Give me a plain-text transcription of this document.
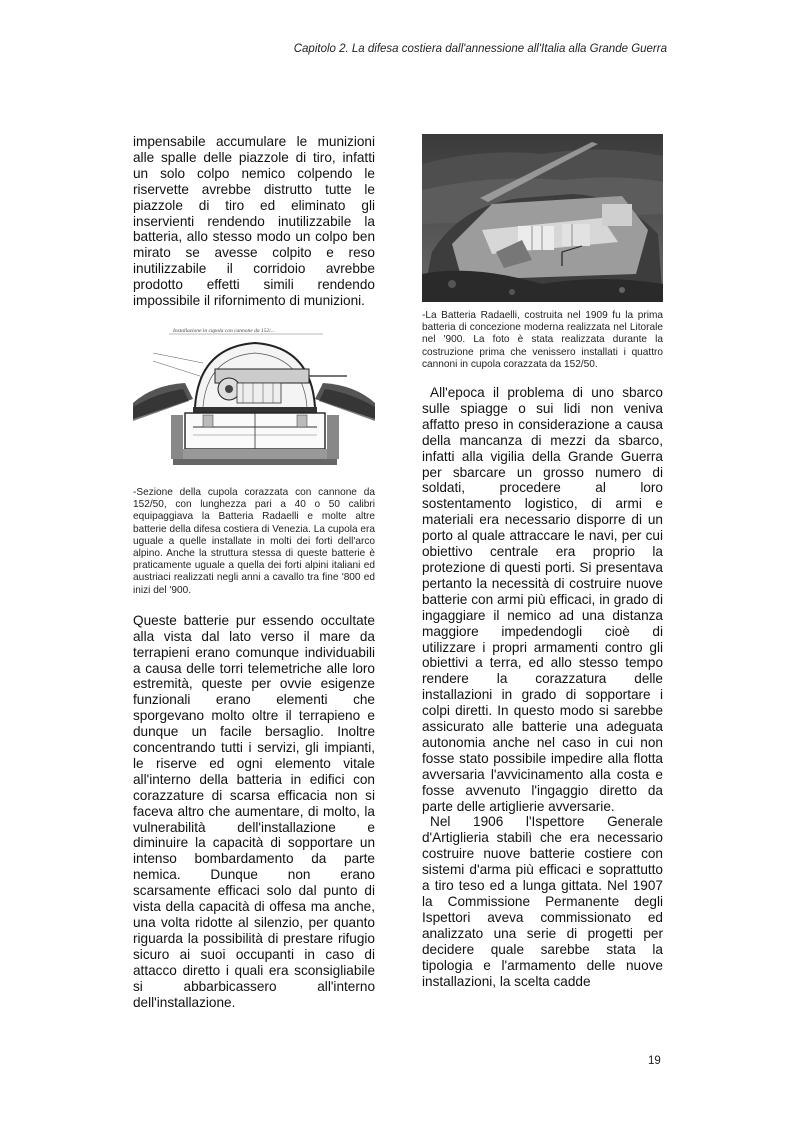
Capitolo 2. La difesa costiera dall'annessione all'Italia alla Grande Guerra

impensabile accumulare le munizioni alle spalle delle piazzole di tiro, infatti un solo colpo nemico colpendo le riservette avrebbe distrutto tutte le piazzole di tiro ed eliminato gli inservienti rendendo inutilizzabile la batteria, allo stesso modo un colpo ben mirato se avesse colpito e reso inutilizzabile il corridoio avrebbe prodotto effetti simili rendendo impossibile il rifornimento di munizioni.

Installazione in cupola con cannone da 152/...

-Sezione della cupola corazzata con cannone da 152/50, con lunghezza pari a 40 o 50 calibri equipaggiava la Batteria Radaelli e molte altre batterie della difesa costiera di Venezia. La cupola era uguale a quelle installate in molti dei forti dell'arco alpino. Anche la struttura stessa di queste batterie è praticamente uguale a quella dei forti alpini italiani ed austriaci realizzati negli anni a cavallo tra fine '800 ed inizi del '900.

Queste batterie pur essendo occultate alla vista dal lato verso il mare da terrapieni erano comunque individuabili a causa delle torri telemetriche alle loro estremità, queste per ovvie esigenze funzionali erano elementi che sporgevano molto oltre il terrapieno e dunque un facile bersaglio. Inoltre concentrando tutti i servizi, gli impianti, le riserve ed ogni elemento vitale all'interno della batteria in edifici con corazzature di scarsa efficacia non si faceva altro che aumentare, di molto, la vulnerabilità dell'installazione e diminuire la capacità di sopportare un intenso bombardamento da parte nemica. Dunque non erano scarsamente efficaci solo dal punto di vista della capacità di offesa ma anche, una volta ridotte al silenzio, per quanto riguarda la possibilità di prestare rifugio sicuro ai suoi occupanti in caso di attacco diretto i quali era sconsigliabile si abbarbicassero all'interno dell'installazione.

-La Batteria Radaelli, costruita nel 1909 fu la prima batteria di concezione moderna realizzata nel Litorale nel '900. La foto è stata realizzata durante la costruzione prima che venissero installati i quattro cannoni in cupola corazzata da 152/50.

All'epoca il problema di uno sbarco sulle spiagge o sui lidi non veniva affatto preso in considerazione a causa della mancanza di mezzi da sbarco, infatti alla vigilia della Grande Guerra per sbarcare un grosso numero di soldati, procedere al loro sostentamento logistico, di armi e materiali era necessario disporre di un porto al quale attraccare le navi, per cui obiettivo centrale era proprio la protezione di questi porti. Si presentava pertanto la necessità di costruire nuove batterie con armi più efficaci, in grado di ingaggiare il nemico ad una distanza maggiore impedendogli cioè di utilizzare i propri armamenti contro gli obiettivi a terra, ed allo stesso tempo rendere la corazzatura delle installazioni in grado di sopportare i colpi diretti. In questo modo si sarebbe assicurato alle batterie una adeguata autonomia anche nel caso in cui non fosse stato possibile impedire alla flotta avversaria l'avvicinamento alla costa e fosse avvenuto l'ingaggio diretto da parte delle artiglierie avversarie.

Nel 1906 l'Ispettore Generale d'Artiglieria stabilì che era necessario costruire nuove batterie costiere con sistemi d'arma più efficaci e soprattutto a tiro teso ed a lunga gittata. Nel 1907 la Commissione Permanente degli Ispettori aveva commissionato ed analizzato una serie di progetti per decidere quale sarebbe stata la tipologia e l'armamento delle nuove installazioni, la scelta cadde

19
